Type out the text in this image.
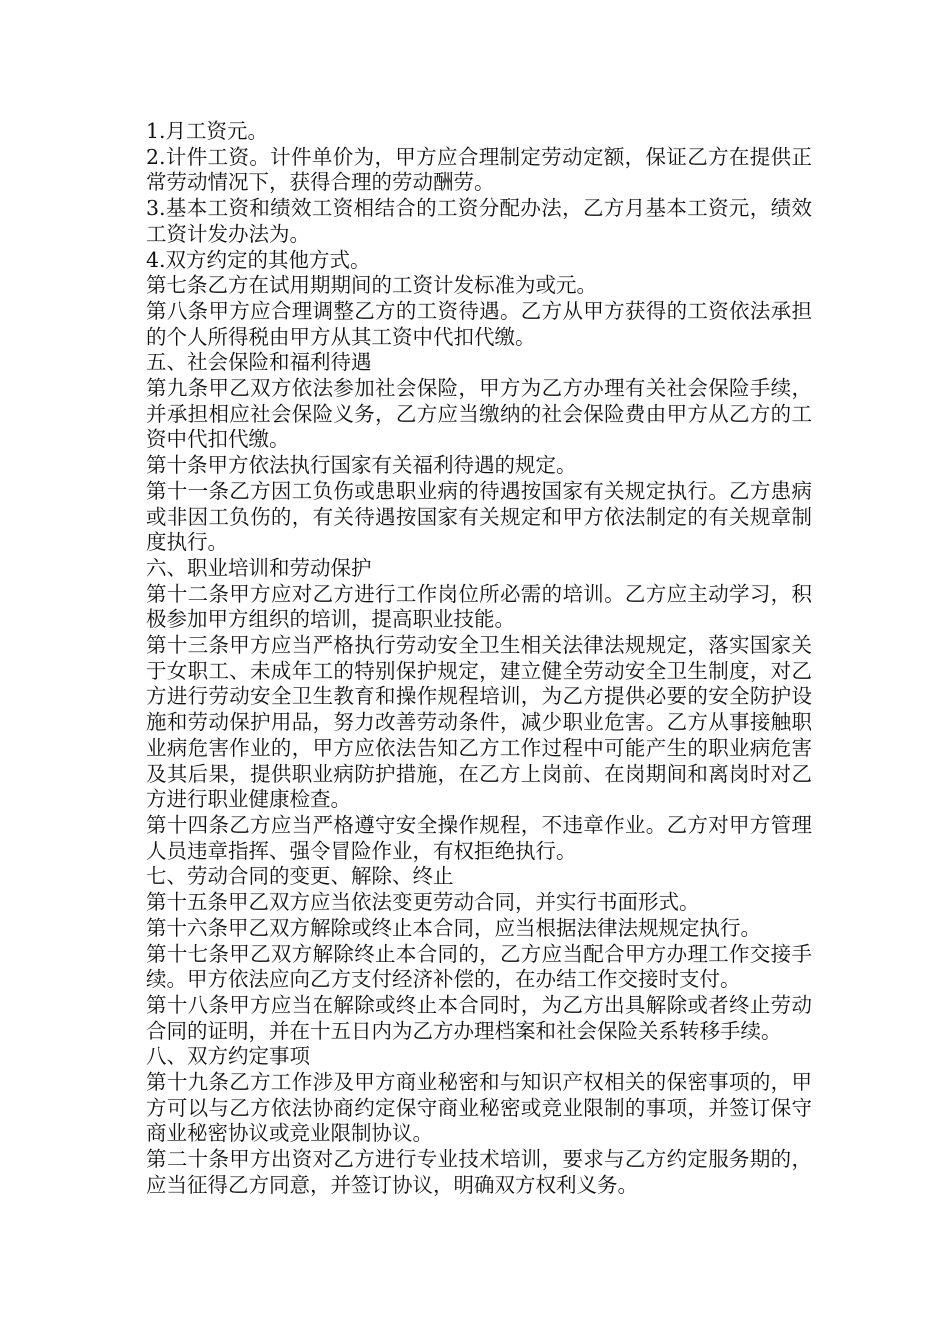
1.月工资元。

2.计件工资。计件单价为，甲方应合理制定劳动定额，保证乙方在提供正常劳动情况下，获得合理的劳动酬劳。

3.基本工资和绩效工资相结合的工资分配办法，乙方月基本工资元，绩效工资计发办法为。

4.双方约定的其他方式。

第七条乙方在试用期期间的工资计发标准为或元。

第八条甲方应合理调整乙方的工资待遇。乙方从甲方获得的工资依法承担的个人所得税由甲方从其工资中代扣代缴。

五、社会保险和福利待遇

第九条甲乙双方依法参加社会保险，甲方为乙方办理有关社会保险手续，并承担相应社会保险义务，乙方应当缴纳的社会保险费由甲方从乙方的工资中代扣代缴。

第十条甲方依法执行国家有关福利待遇的规定。

第十一条乙方因工负伤或患职业病的待遇按国家有关规定执行。乙方患病或非因工负伤的，有关待遇按国家有关规定和甲方依法制定的有关规章制度执行。

六、职业培训和劳动保护

第十二条甲方应对乙方进行工作岗位所必需的培训。乙方应主动学习，积极参加甲方组织的培训，提高职业技能。

第十三条甲方应当严格执行劳动安全卫生相关法律法规规定，落实国家关于女职工、未成年工的特别保护规定，建立健全劳动安全卫生制度，对乙方进行劳动安全卫生教育和操作规程培训，为乙方提供必要的安全防护设施和劳动保护用品，努力改善劳动条件，减少职业危害。乙方从事接触职业病危害作业的，甲方应依法告知乙方工作过程中可能产生的职业病危害及其后果，提供职业病防护措施，在乙方上岗前、在岗期间和离岗时对乙方进行职业健康检查。

第十四条乙方应当严格遵守安全操作规程，不违章作业。乙方对甲方管理人员违章指挥、强令冒险作业，有权拒绝执行。

七、劳动合同的变更、解除、终止

第十五条甲乙双方应当依法变更劳动合同，并实行书面形式。

第十六条甲乙双方解除或终止本合同，应当根据法律法规规定执行。

第十七条甲乙双方解除终止本合同的，乙方应当配合甲方办理工作交接手续。甲方依法应向乙方支付经济补偿的，在办结工作交接时支付。

第十八条甲方应当在解除或终止本合同时，为乙方出具解除或者终止劳动合同的证明，并在十五日内为乙方办理档案和社会保险关系转移手续。

八、双方约定事项

第十九条乙方工作涉及甲方商业秘密和与知识产权相关的保密事项的，甲方可以与乙方依法协商约定保守商业秘密或竞业限制的事项，并签订保守商业秘密协议或竞业限制协议。

第二十条甲方出资对乙方进行专业技术培训，要求与乙方约定服务期的，应当征得乙方同意，并签订协议，明确双方权利义务。
